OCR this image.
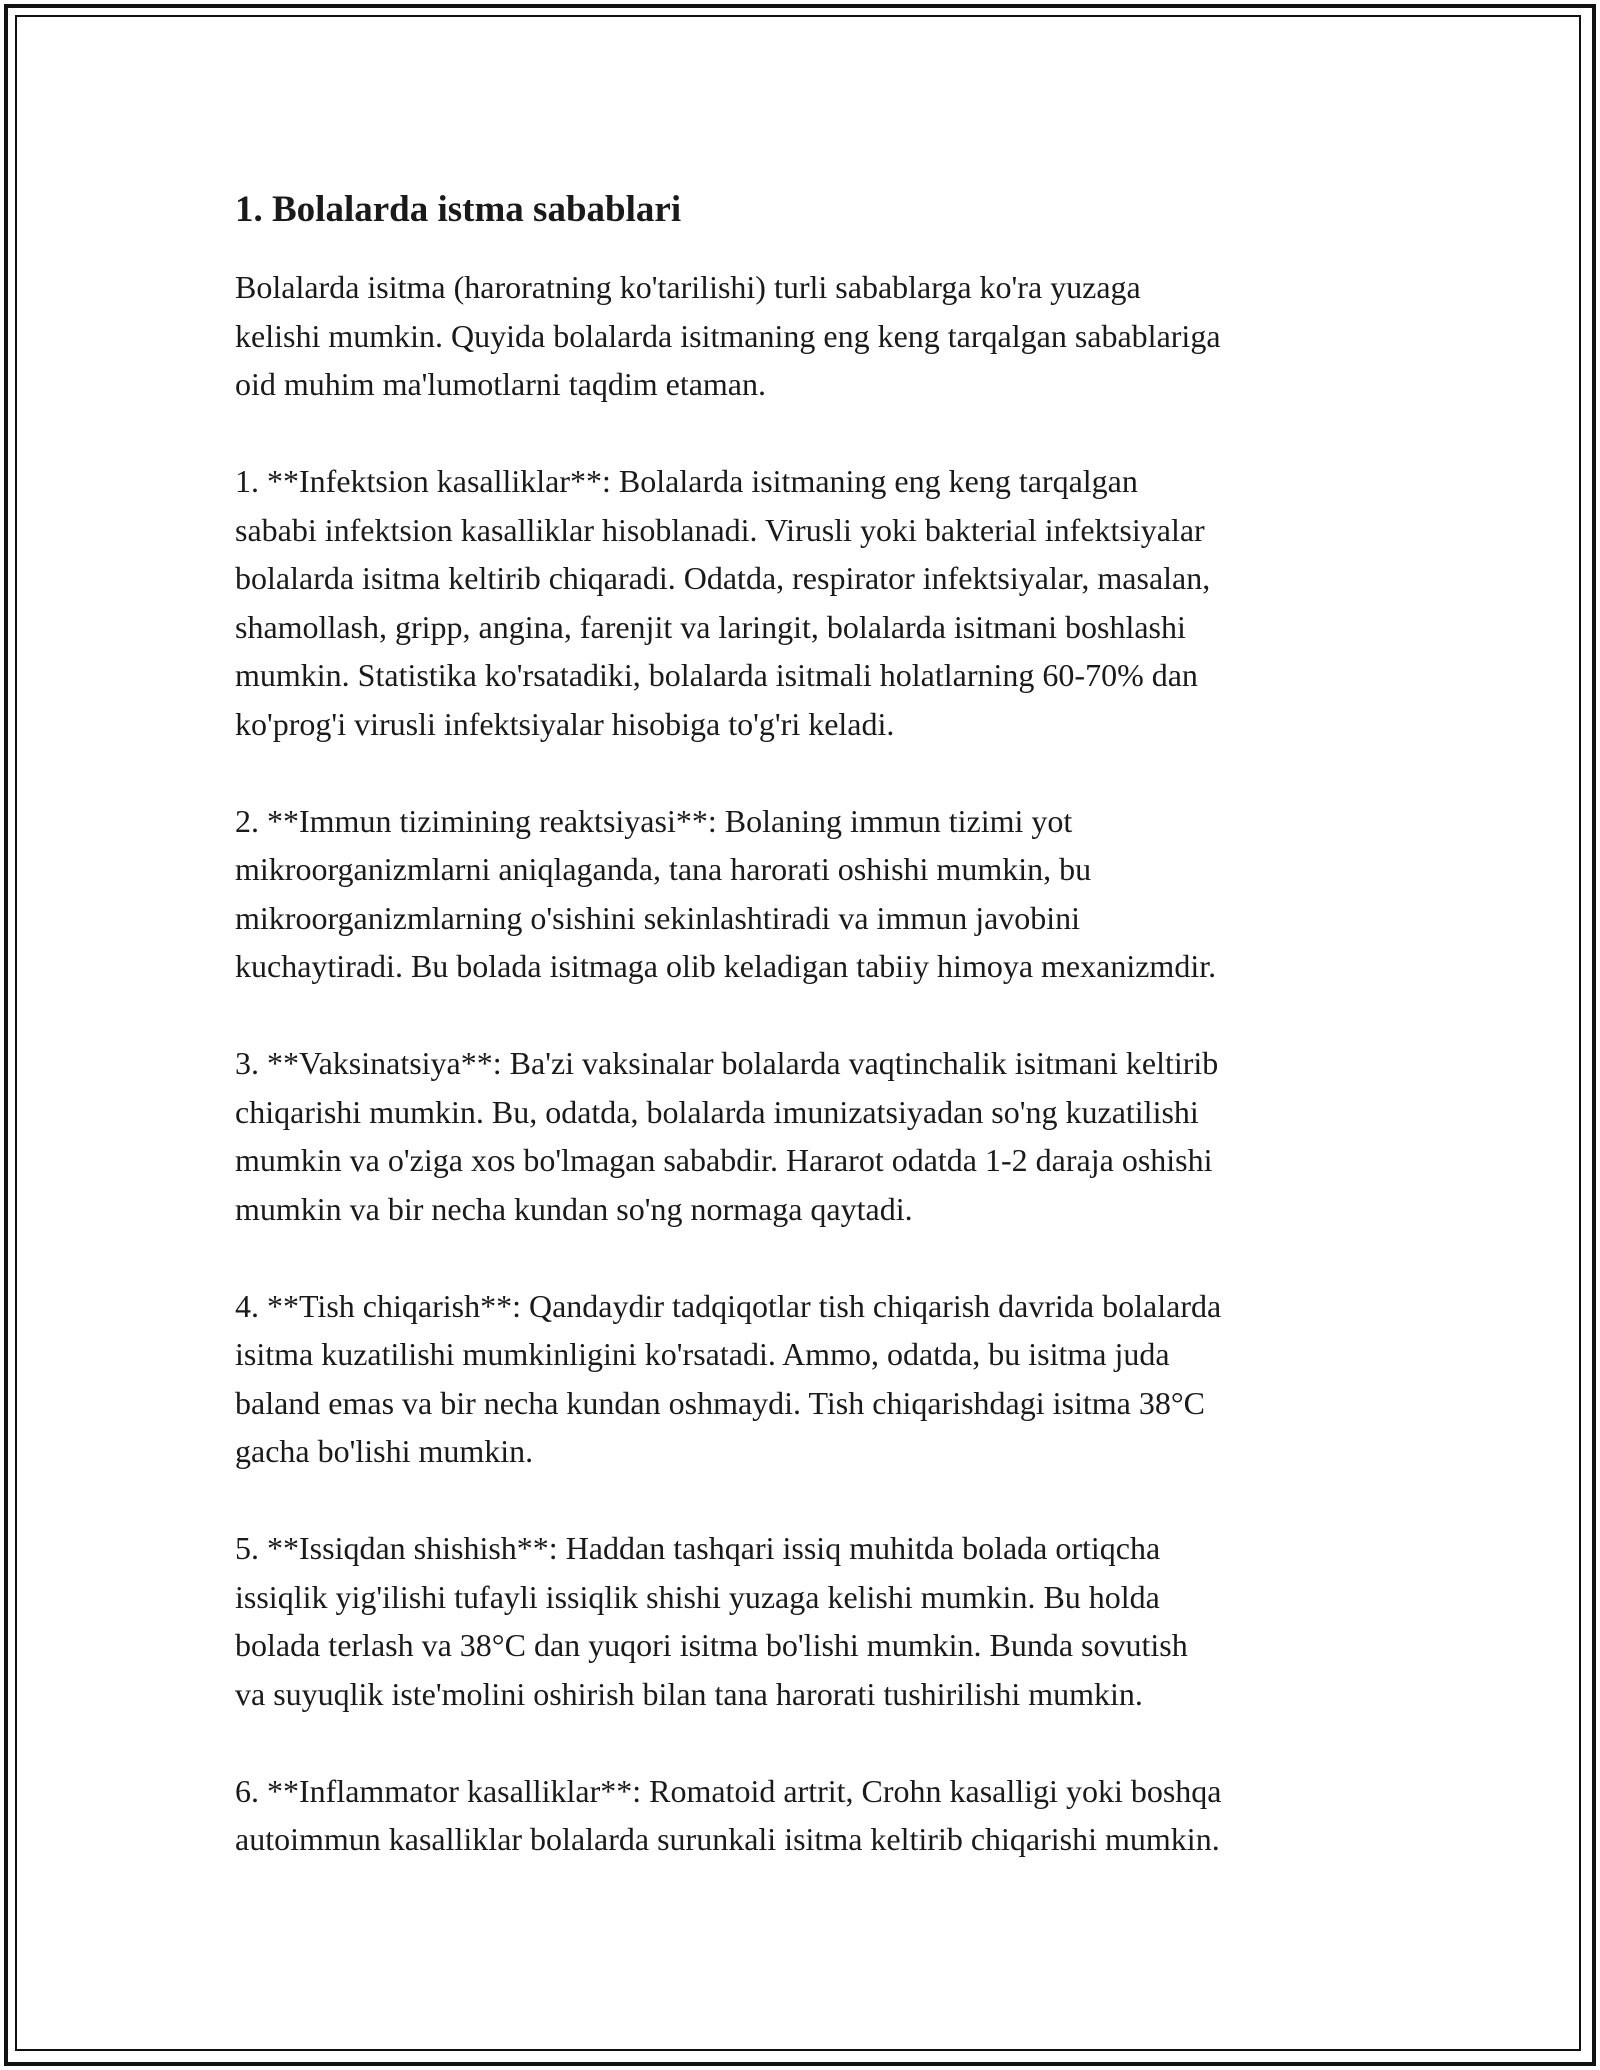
1. Bolalarda istma sabablari

Bolalarda isitma (haroratning ko'tarilishi) turli sabablarga ko'ra yuzaga
kelishi mumkin. Quyida bolalarda isitmaning eng keng tarqalgan sabablariga
oid muhim ma'lumotlarni taqdim etaman.

1. **Infektsion kasalliklar**: Bolalarda isitmaning eng keng tarqalgan
sababi infektsion kasalliklar hisoblanadi. Virusli yoki bakterial infektsiyalar
bolalarda isitma keltirib chiqaradi. Odatda, respirator infektsiyalar, masalan,
shamollash, gripp, angina, farenjit va laringit, bolalarda isitmani boshlashi
mumkin. Statistika ko'rsatadiki, bolalarda isitmali holatlarning 60-70% dan
ko'prog'i virusli infektsiyalar hisobiga to'g'ri keladi.

2. **Immun tizimining reaktsiyasi**: Bolaning immun tizimi yot
mikroorganizmlarni aniqlaganda, tana harorati oshishi mumkin, bu
mikroorganizmlarning o'sishini sekinlashtiradi va immun javobini
kuchaytiradi. Bu bolada isitmaga olib keladigan tabiiy himoya mexanizmdir.

3. **Vaksinatsiya**: Ba'zi vaksinalar bolalarda vaqtinchalik isitmani keltirib
chiqarishi mumkin. Bu, odatda, bolalarda imunizatsiyadan so'ng kuzatilishi
mumkin va o'ziga xos bo'lmagan sababdir. Hararot odatda 1-2 daraja oshishi
mumkin va bir necha kundan so'ng normaga qaytadi.

4. **Tish chiqarish**: Qandaydir tadqiqotlar tish chiqarish davrida bolalarda
isitma kuzatilishi mumkinligini ko'rsatadi. Ammo, odatda, bu isitma juda
baland emas va bir necha kundan oshmaydi. Tish chiqarishdagi isitma 38°C
gacha bo'lishi mumkin.

5. **Issiqdan shishish**: Haddan tashqari issiq muhitda bolada ortiqcha
issiqlik yig'ilishi tufayli issiqlik shishi yuzaga kelishi mumkin. Bu holda
bolada terlash va 38°C dan yuqori isitma bo'lishi mumkin. Bunda sovutish
va suyuqlik iste'molini oshirish bilan tana harorati tushirilishi mumkin.

6. **Inflammator kasalliklar**: Romatoid artrit, Crohn kasalligi yoki boshqa
autoimmun kasalliklar bolalarda surunkali isitma keltirib chiqarishi mumkin.
